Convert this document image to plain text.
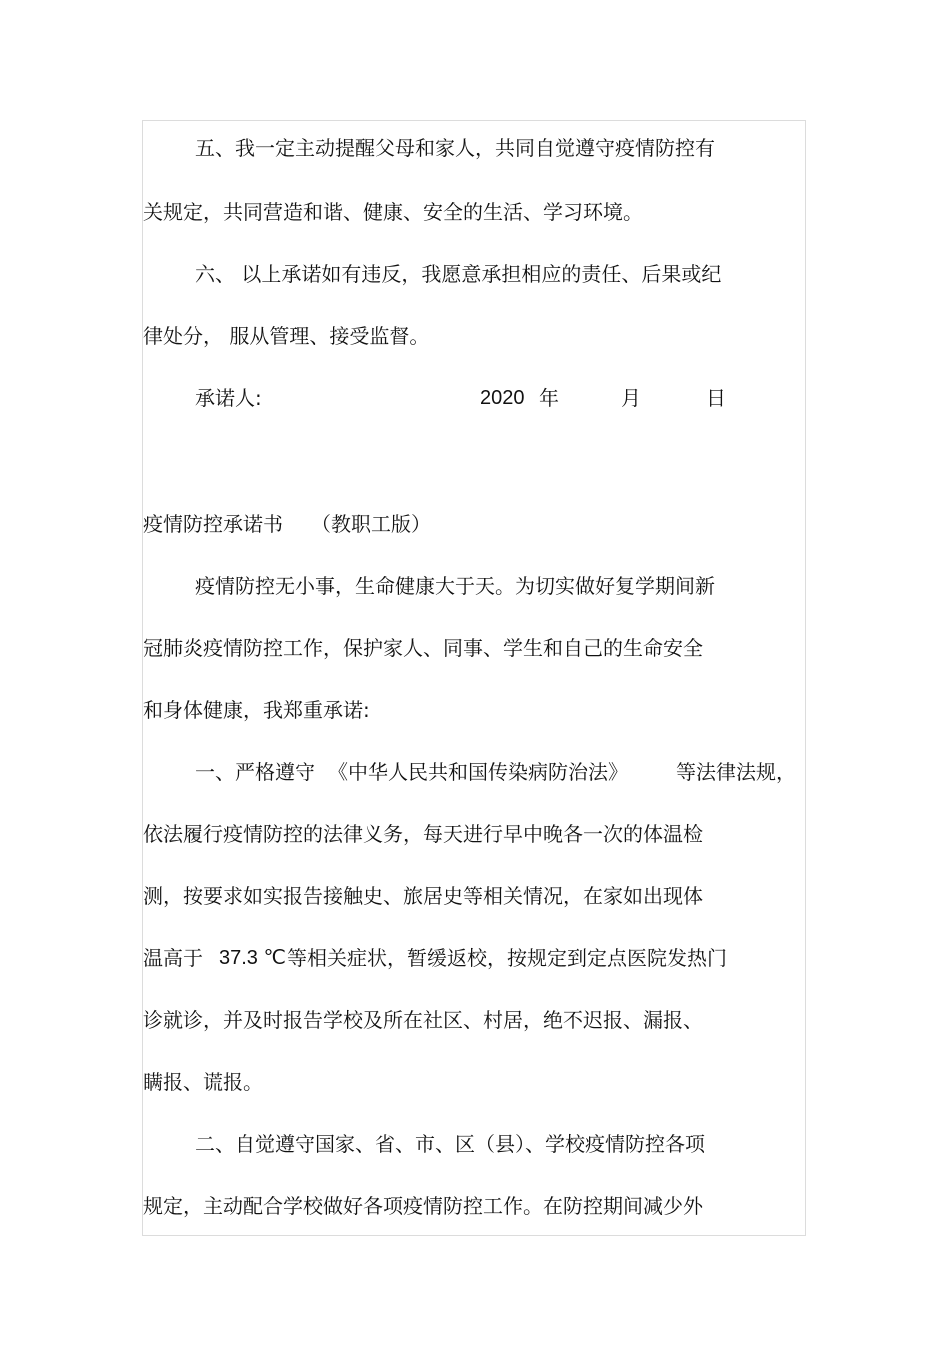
五、我一定主动提醒父母和家人，共同自觉遵守疫情防控有

关规定，共同营造和谐、健康、安全的生活、学习环境。

六、 以上承诺如有违反，我愿意承担相应的责任、后果或纪

律处分， 服从管理、接受监督。

承诺人:	2020 年	月	日
疫情防控承诺书 （教职工版）

疫情防控无小事，生命健康大于天。为切实做好复学期间新

冠肺炎疫情防控工作，保护家人、同事、学生和自己的生命安全

和身体健康，我郑重承诺:

一、严格遵守 《中华人民共和国传染病防治法》 等法律法规，

依法履行疫情防控的法律义务，每天进行早中晚各一次的体温检

测，按要求如实报告接触史、旅居史等相关情况，在家如出现体

温高于 37.3 ℃ 等相关症状，暂缓返校，按规定到定点医院发热门

诊就诊，并及时报告学校及所在社区、村居，绝不迟报、漏报、

瞒报、谎报。

二、自觉遵守国家、省、市、区（县）、学校疫情防控各项

规定，主动配合学校做好各项疫情防控工作。在防控期间减少外
